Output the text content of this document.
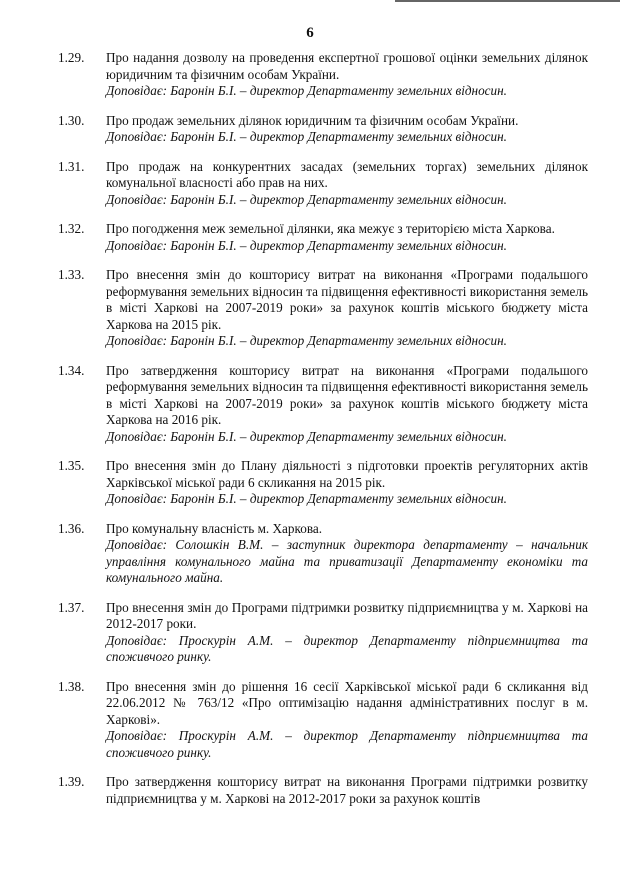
6
1.29.	Про надання дозволу на проведення експертної грошової оцінки земельних ділянок юридичним та фізичним особам України.

Доповідає: Баронін Б.І. – директор Департаменту земельних відносин.

1.30.	Про продаж земельних ділянок юридичним та фізичним особам України.

Доповідає: Баронін Б.І. – директор Департаменту земельних відносин.

1.31.	Про продаж на конкурентних засадах (земельних торгах) земельних ділянок комунальної власності або прав на них.

Доповідає: Баронін Б.І. – директор Департаменту земельних відносин.

1.32.	Про погодження меж земельної ділянки, яка межує з територією міста Харкова.

Доповідає: Баронін Б.І. – директор Департаменту земельних відносин.

1.33.	Про внесення змін до кошторису витрат на виконання «Програми подальшого реформування земельних відносин та підвищення ефективності використання земель в місті Харкові на 2007-2019 роки» за рахунок коштів міського бюджету міста Харкова на 2015 рік.

Доповідає: Баронін Б.І. – директор Департаменту земельних відносин.

1.34.	Про затвердження кошторису витрат на виконання «Програми подальшого реформування земельних відносин та підвищення ефективності використання земель в місті Харкові на 2007-2019 роки» за рахунок коштів міського бюджету міста Харкова на 2016 рік.

Доповідає: Баронін Б.І. – директор Департаменту земельних відносин.

1.35.	Про внесення змін до Плану діяльності з підготовки проектів регуляторних актів Харківської міської ради 6 скликання на 2015 рік.

Доповідає: Баронін Б.І. – директор Департаменту земельних відносин.

1.36.	Про комунальну власність м. Харкова.

Доповідає: Солошкін В.М. – заступник директора департаменту – начальник управління комунального майна та приватизації Департаменту економіки та комунального майна.

1.37.	Про внесення змін до Програми підтримки розвитку підприємництва у м. Харкові на 2012-2017 роки.

Доповідає: Проскурін А.М. – директор Департаменту підприємництва та споживчого ринку.

1.38.	Про внесення змін до рішення 16 сесії Харківської міської ради 6 скликання від 22.06.2012 № 763/12 «Про оптимізацію надання адміністративних послуг в м. Харкові».

Доповідає: Проскурін А.М. – директор Департаменту підприємництва та споживчого ринку.

1.39.	Про затвердження кошторису витрат на виконання Програми підтримки розвитку підприємництва у м. Харкові на 2012-2017 роки за рахунок коштів
